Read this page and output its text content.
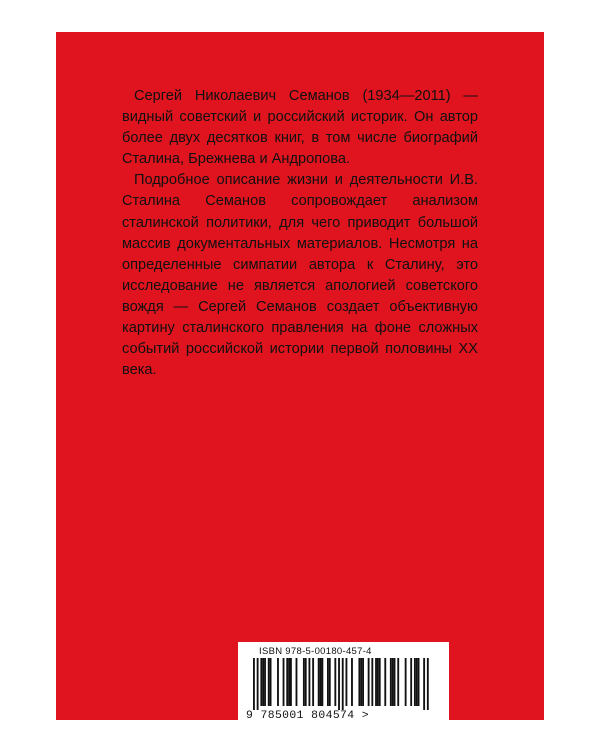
Сергей Николаевич Семанов (1934—2011) — видный советский и российский историк. Он автор более двух десятков книг, в том числе биографий Сталина, Брежнева и Андропова.

Подробное описание жизни и деятельности И.В. Сталина Семанов сопровождает анализом сталинской политики, для чего приводит большой массив документальных материалов. Несмотря на определенные симпатии автора к Сталину, это исследование не является апологией советского вождя — Сергей Семанов создает объективную картину сталинского правления на фоне сложных событий российской истории первой половины XX века.

ISBN 978-5-00180-457-4
9 785001 804574 >
